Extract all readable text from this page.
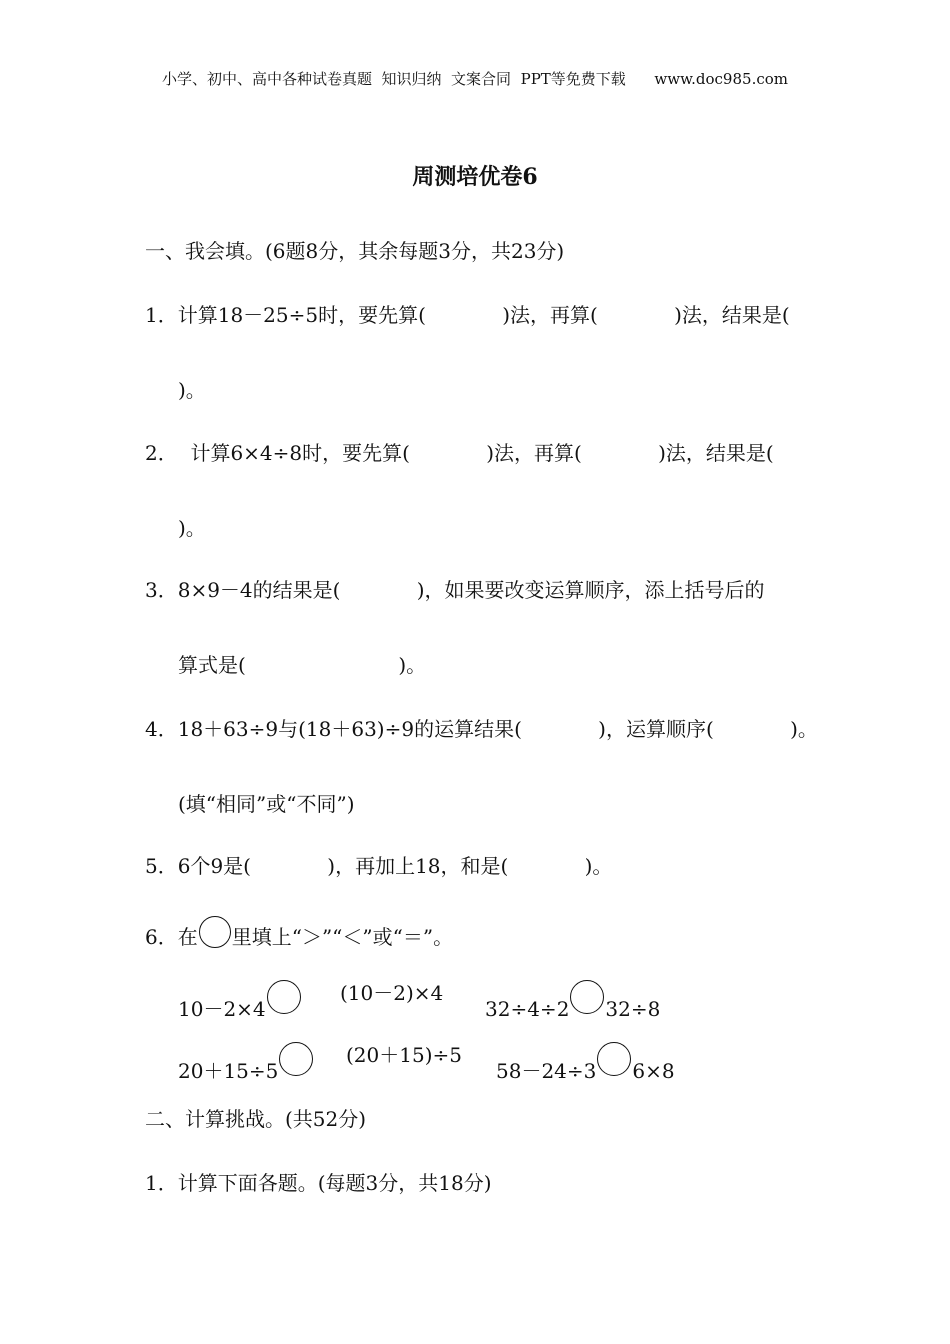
小学、初中、高中各种试卷真题  知识归纳  文案合同  PPT等免费下载      www.doc985.com
周测培优卷6
一、我会填。(6题8分，其余每题3分，共23分)
1．计算18－25÷5时，要先算(            )法，再算(            )法，结果是(
)。
2．  计算6×4÷8时，要先算(            )法，再算(            )法，结果是(
)。
3．8×9－4的结果是(            )，如果要改变运算顺序，添上括号后的
算式是(                        )。
4．18＋63÷9与(18＋63)÷9的运算结果(            )，运算顺序(            )。
(填“相同”或“不同”)
5．6个9是(            )，再加上18，和是(            )。
6．在 里填上“＞”“＜”或“＝”。
10－2×4
(10－2)×4
32÷4÷2 32÷8
20＋15÷5
(20＋15)÷5
58－24÷3 6×8
二、计算挑战。(共52分)
1．计算下面各题。(每题3分，共18分)
